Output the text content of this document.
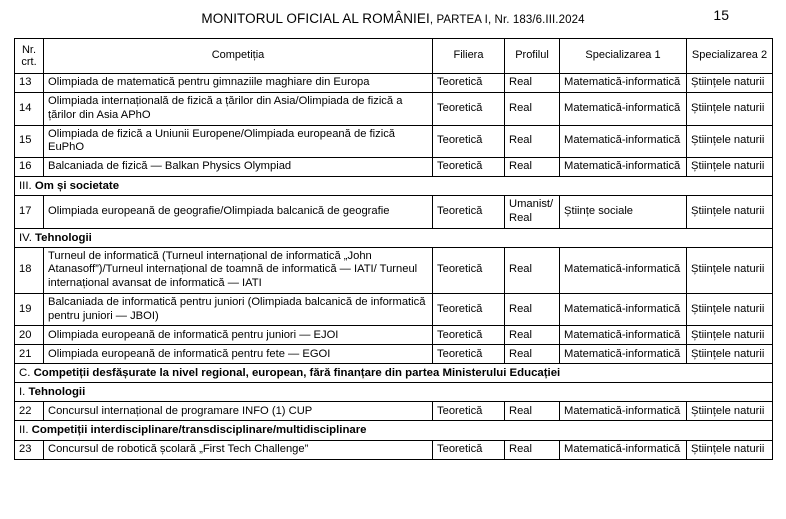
MONITORUL OFICIAL AL ROMÂNIEI, PARTEA I, Nr. 183/6.III.2024	15
Nr.
crt.	Competiția	Filiera	Profilul	Specializarea 1	Specializarea 2
13	Olimpiada de matematică pentru gimnaziile maghiare din Europa	Teoretică	Real	Matematică-informatică	Științele naturii
14	Olimpiada internațională de fizică a țărilor din Asia/Olimpiada de fizică a țărilor din Asia APhO	Teoretică	Real	Matematică-informatică	Științele naturii
15	Olimpiada de fizică a Uniunii Europene/Olimpiada europeană de fizică EuPhO	Teoretică	Real	Matematică-informatică	Științele naturii
16	Balcaniada de fizică — Balkan Physics Olympiad	Teoretică	Real	Matematică-informatică	Științele naturii
III. Om și societate					
17	Olimpiada europeană de geografie/Olimpiada balcanică de geografie	Teoretică	Umanist/ Real	Științe sociale	Științele naturii
IV. Tehnologii					
18	Turneul de informatică (Turneul internațional de informatică „John Atanasoff”)/Turneul internațional de toamnă de informatică — IATI/ Turneul internațional avansat de informatică — IATI	Teoretică	Real	Matematică-informatică	Științele naturii
19	Balcaniada de informatică pentru juniori (Olimpiada balcanică de informatică pentru juniori — JBOI)	Teoretică	Real	Matematică-informatică	Științele naturii
20	Olimpiada europeană de informatică pentru juniori — EJOI	Teoretică	Real	Matematică-informatică	Științele naturii
21	Olimpiada europeană de informatică pentru fete — EGOI	Teoretică	Real	Matematică-informatică	Științele naturii
C. Competiții desfășurate la nivel regional, european, fără finanțare din partea Ministerului Educației					
I. Tehnologii					
22	Concursul internațional de programare INFO (1) CUP	Teoretică	Real	Matematică-informatică	Științele naturii
II. Competiții interdisciplinare/transdisciplinare/multidisciplinare					
23	Concursul de robotică școlară „First Tech Challenge”	Teoretică	Real	Matematică-informatică	Științele naturii
